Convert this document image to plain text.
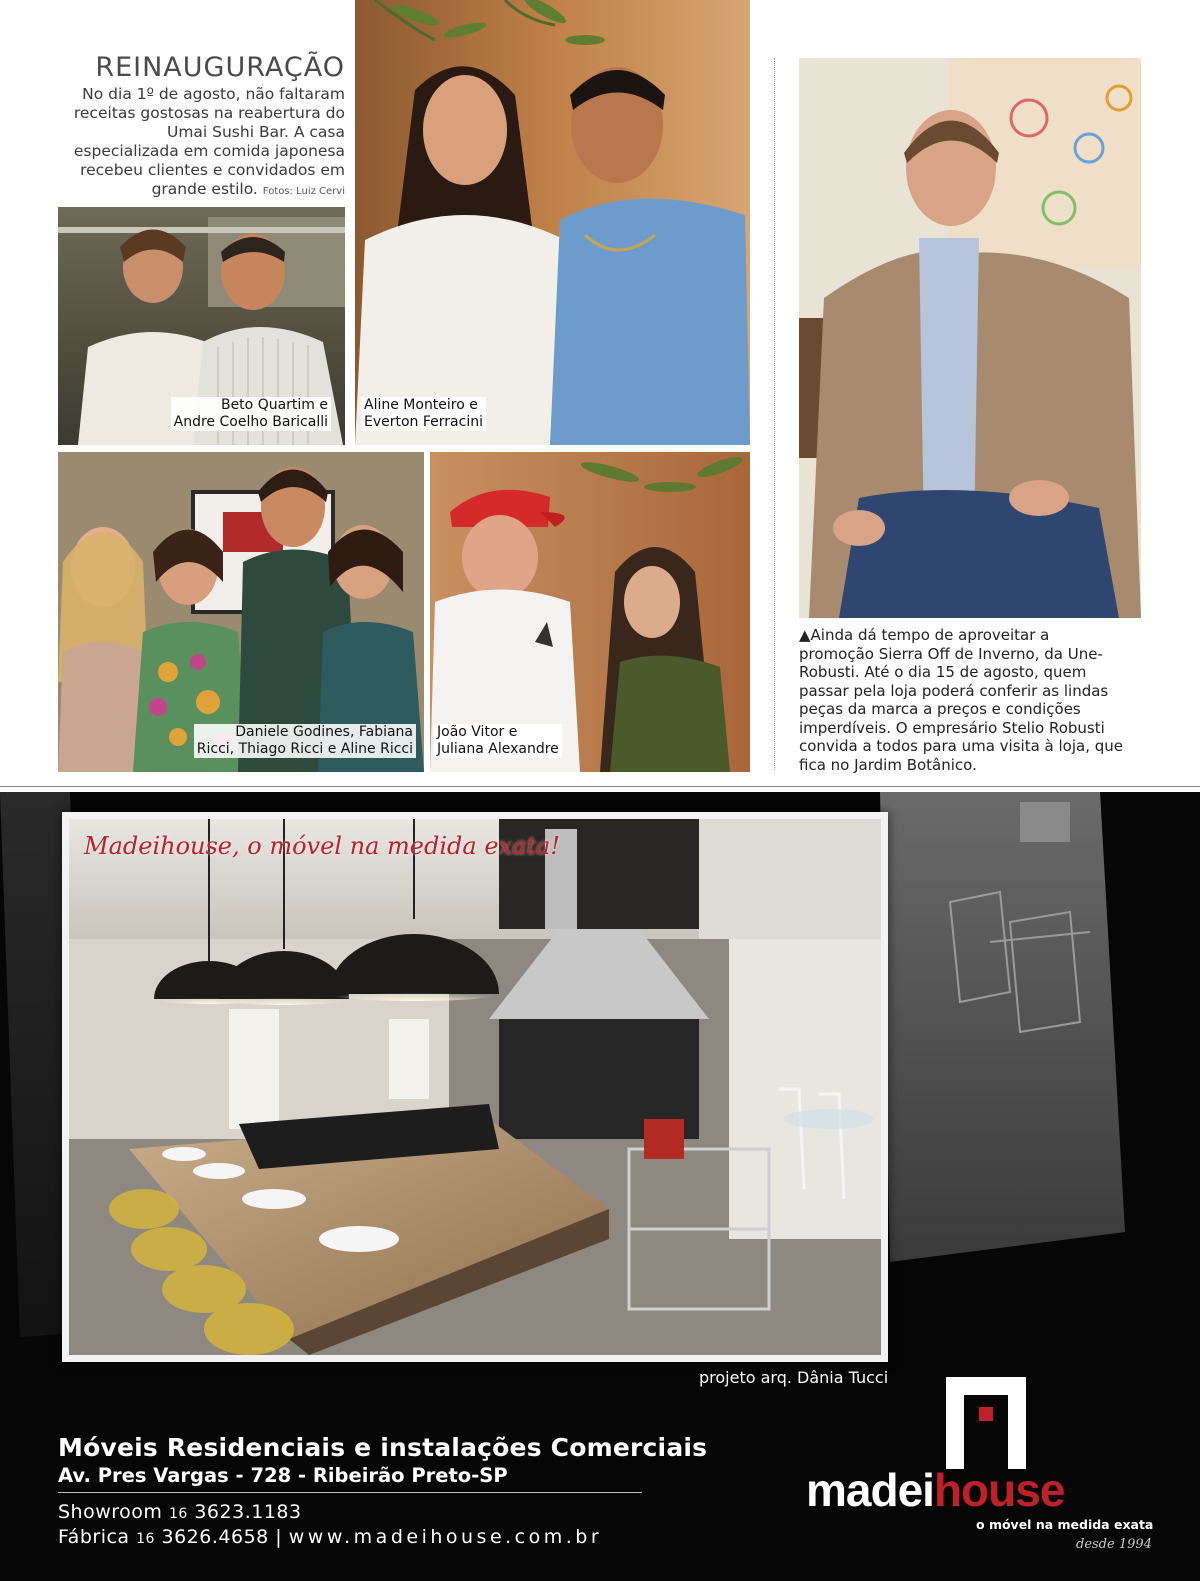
REINAUGURAÇÃO
No dia 1º de agosto, não faltaram receitas gostosas na reabertura do Umai Sushi Bar. A casa especializada em comida japonesa recebeu clientes e convidados em grande estilo. Fotos: Luiz Cervi
Beto Quartim e
Andre Coelho Baricalli
Aline Monteiro e
Everton Ferracini
Daniele Godines, Fabiana
Ricci, Thiago Ricci e Aline Ricci
João Vitor e
Juliana Alexandre
▲Ainda dá tempo de aproveitar a promoção Sierra Off de Inverno, da Une-Robusti. Até o dia 15 de agosto, quem passar pela loja poderá conferir as lindas peças da marca a preços e condições imperdíveis. O empresário Stelio Robusti convida a todos para uma visita à loja, que fica no Jardim Botânico.
Madeihouse, o móvel na medida exata!
projeto arq. Dânia Tucci
Móveis Residenciais e instalações Comerciais
Av. Pres Vargas - 728 - Ribeirão Preto-SP
Showroom 16 3623.1183
Fábrica 16 3626.4658 | www.madeihouse.com.br
madeihouse
o móvel na medida exata
desde 1994
